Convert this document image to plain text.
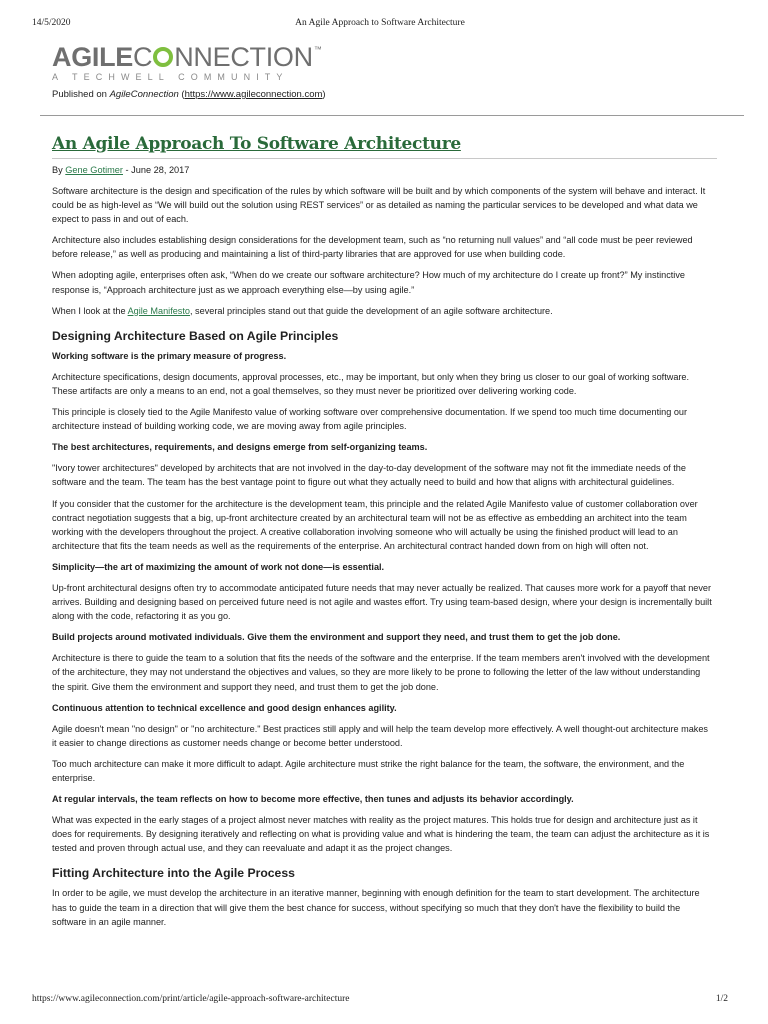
14/5/2020	An Agile Approach to Software Architecture
AGILEC NNECTION™
A TECHWELL COMMUNITY
Published on AgileConnection (https://www.agileconnection.com)
An Agile Approach To Software Architecture
By Gene Gotimer - June 28, 2017

Software architecture is the design and specification of the rules by which software will be built and by which components of the system will behave and interact. It could be as high-level as “We will build out the solution using REST services” or as detailed as naming the particular services to be developed and what data we expect to pass in and out of each.

Architecture also includes establishing design considerations for the development team, such as “no returning null values” and “all code must be peer reviewed before release,” as well as producing and maintaining a list of third-party libraries that are approved for use when building code.

When adopting agile, enterprises often ask, “When do we create our software architecture? How much of my architecture do I create up front?” My instinctive response is, “Approach architecture just as we approach everything else—by using agile.”

When I look at the Agile Manifesto, several principles stand out that guide the development of an agile software architecture.

Designing Architecture Based on Agile Principles

Working software is the primary measure of progress.

Architecture specifications, design documents, approval processes, etc., may be important, but only when they bring us closer to our goal of working software. These artifacts are only a means to an end, not a goal themselves, so they must never be prioritized over delivering working code.

This principle is closely tied to the Agile Manifesto value of working software over comprehensive documentation. If we spend too much time documenting our architecture instead of building working code, we are moving away from agile principles.

The best architectures, requirements, and designs emerge from self-organizing teams.

"Ivory tower architectures" developed by architects that are not involved in the day-to-day development of the software may not fit the immediate needs of the software and the team. The team has the best vantage point to figure out what they actually need to build and how that aligns with architectural guidelines.

If you consider that the customer for the architecture is the development team, this principle and the related Agile Manifesto value of customer collaboration over contract negotiation suggests that a big, up-front architecture created by an architectural team will not be as effective as embedding an architect into the team working with the developers throughout the project. A creative collaboration involving someone who will actually be using the finished product will lead to an architecture that fits the team needs as well as the requirements of the enterprise. An architectural contract handed down from on high will often not.

Simplicity—the art of maximizing the amount of work not done—is essential.

Up-front architectural designs often try to accommodate anticipated future needs that may never actually be realized. That causes more work for a payoff that never arrives. Building and designing based on perceived future need is not agile and wastes effort. Try using team-based design, where your design is incrementally built along with the code, refactoring it as you go.

Build projects around motivated individuals. Give them the environment and support they need, and trust them to get the job done.

Architecture is there to guide the team to a solution that fits the needs of the software and the enterprise. If the team members aren't involved with the development of the architecture, they may not understand the objectives and values, so they are more likely to be prone to following the letter of the law without understanding the spirit. Give them the environment and support they need, and trust them to get the job done.

Continuous attention to technical excellence and good design enhances agility.

Agile doesn't mean "no design" or "no architecture." Best practices still apply and will help the team develop more effectively. A well thought-out architecture makes it easier to change directions as customer needs change or become better understood.

Too much architecture can make it more difficult to adapt. Agile architecture must strike the right balance for the team, the software, the environment, and the enterprise.

At regular intervals, the team reflects on how to become more effective, then tunes and adjusts its behavior accordingly.

What was expected in the early stages of a project almost never matches with reality as the project matures. This holds true for design and architecture just as it does for requirements. By designing iteratively and reflecting on what is providing value and what is hindering the team, the team can adjust the architecture as it is tested and proven through actual use, and they can reevaluate and adapt it as the project changes.

Fitting Architecture into the Agile Process

In order to be agile, we must develop the architecture in an iterative manner, beginning with enough definition for the team to start development. The architecture has to guide the team in a direction that will give them the best chance for success, without specifying so much that they don't have the flexibility to build the software in an agile manner.

https://www.agileconnection.com/print/article/agile-approach-software-architecture	1/2
